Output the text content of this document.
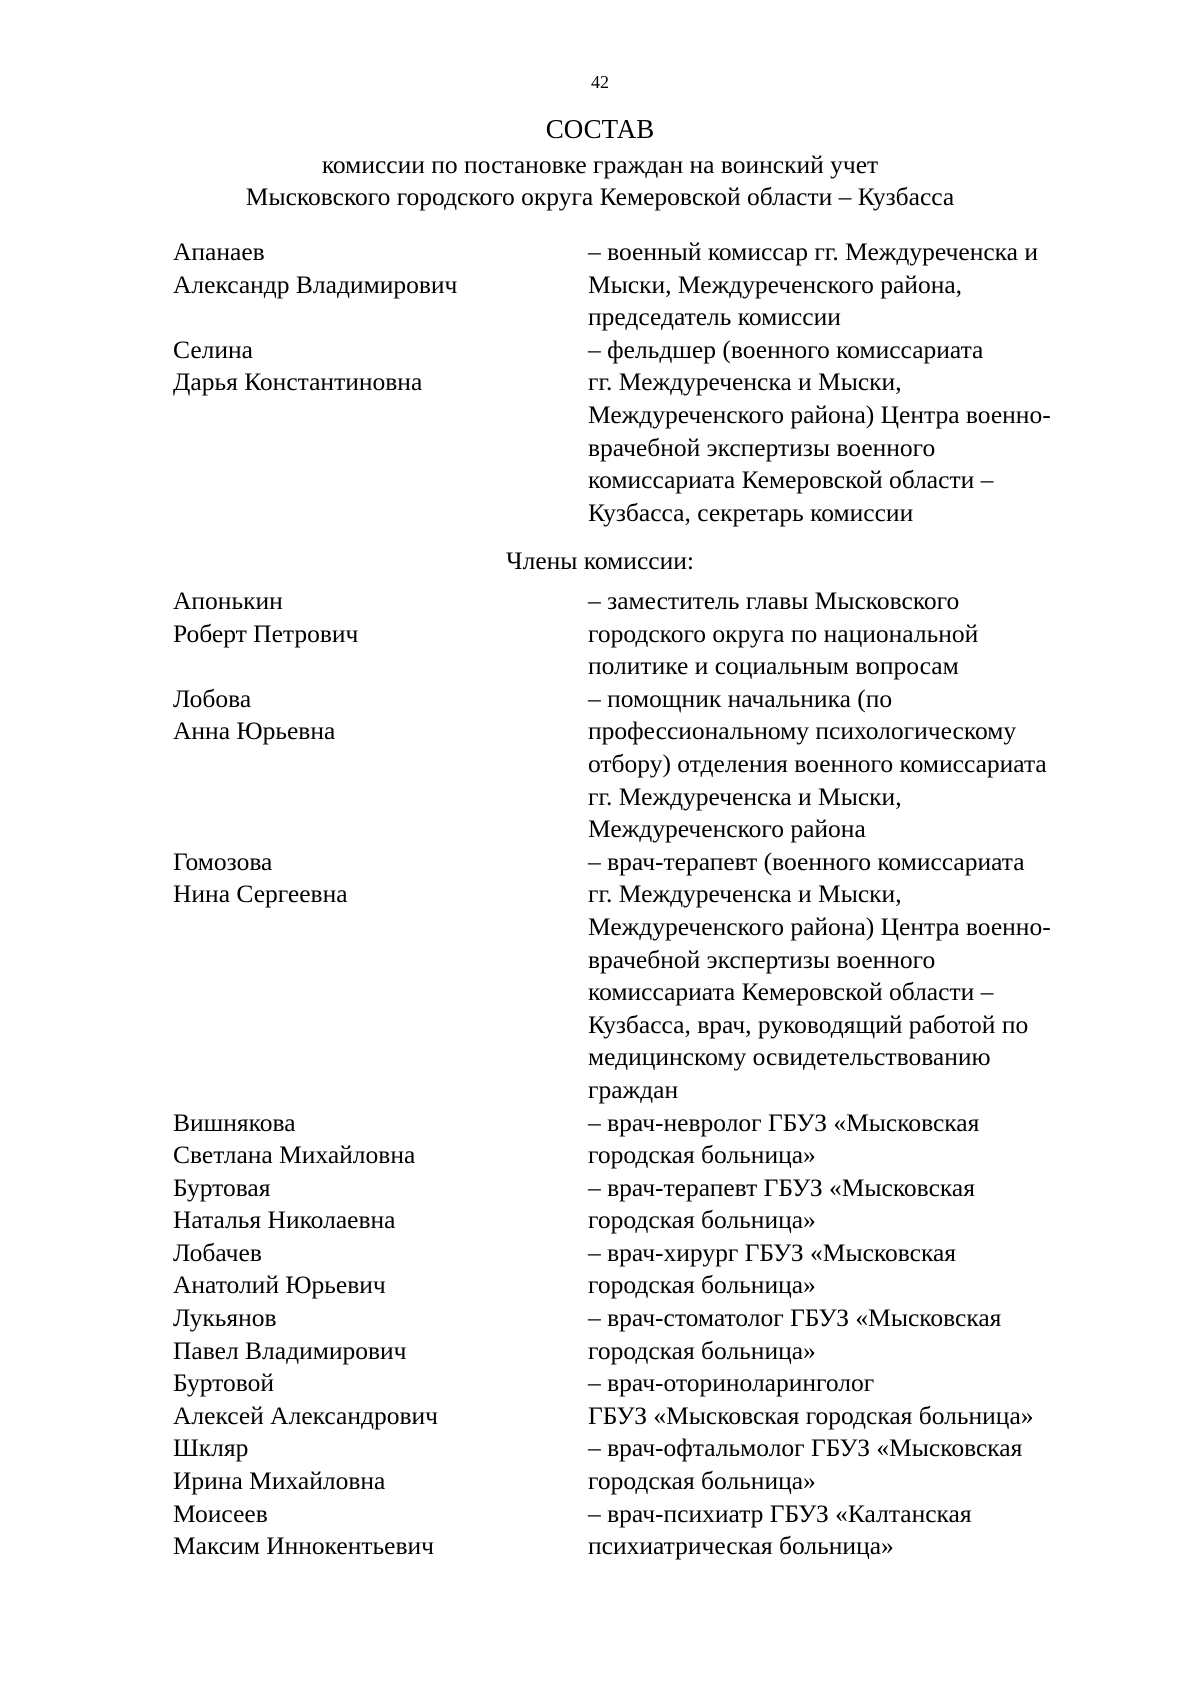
42
СОСТАВ
комиссии по постановке граждан на воинский учет
Мысковского городского округа Кемеровской области – Кузбасса
Апанаев
Александр Владимирович
– военный комиссар гг. Междуреченска и
Мыски, Междуреченского района,
председатель комиссии
Селина
Дарья Константиновна
– фельдшер (военного комиссариата
гг. Междуреченска и Мыски,
Междуреченского района) Центра военно-
врачебной экспертизы военного
комиссариата Кемеровской области –
Кузбасса, секретарь комиссии
Члены комиссии:
Апонькин
Роберт Петрович
– заместитель главы Мысковского
городского округа по национальной
политике и социальным вопросам
Лобова
Анна Юрьевна
– помощник начальника (по
профессиональному психологическому
отбору) отделения военного комиссариата
гг. Междуреченска и Мыски,
Междуреченского района
Гомозова
Нина Сергеевна
– врач-терапевт (военного комиссариата
гг. Междуреченска и Мыски,
Междуреченского района) Центра военно-
врачебной экспертизы военного
комиссариата Кемеровской области –
Кузбасса, врач, руководящий работой по
медицинскому освидетельствованию
граждан
Вишнякова
Светлана Михайловна
– врач-невролог ГБУЗ «Мысковская
городская больница»
Буртовая
Наталья Николаевна
– врач-терапевт ГБУЗ «Мысковская
городская больница»
Лобачев
Анатолий Юрьевич
– врач-хирург ГБУЗ «Мысковская
городская больница»
Лукьянов
Павел Владимирович
– врач-стоматолог ГБУЗ «Мысковская
городская больница»
Буртовой
Алексей Александрович
– врач-оториноларинголог
ГБУЗ «Мысковская городская больница»
Шкляр
Ирина Михайловна
– врач-офтальмолог ГБУЗ «Мысковская
городская больница»
Моисеев
Максим Иннокентьевич
– врач-психиатр ГБУЗ «Калтанская
психиатрическая больница»
